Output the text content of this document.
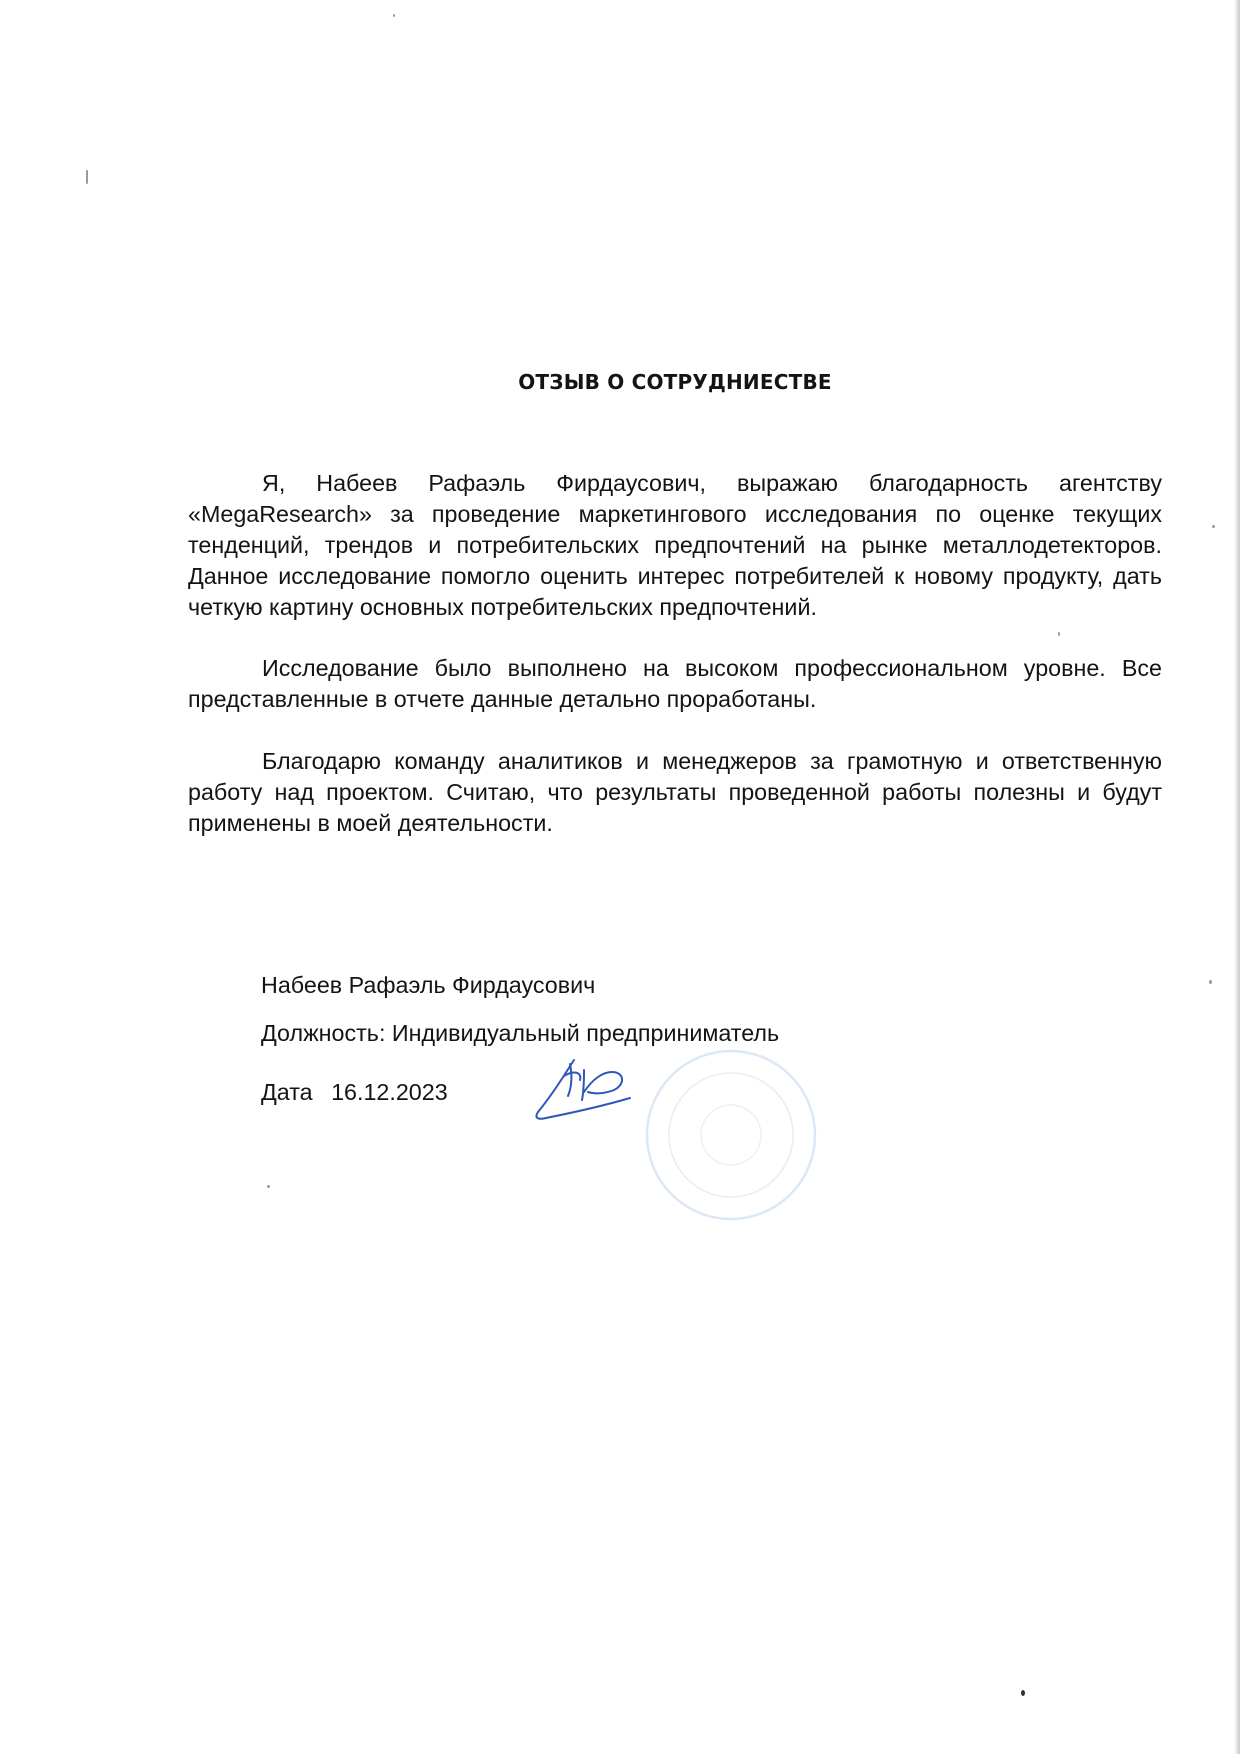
ОТЗЫВ О СОТРУДНИЕСТВЕ

Я, Набеев Рафаэль Фирдаусович, выражаю благодарность агентству «MegaResearch» за проведение маркетингового исследования по оценке текущих тенденций, трендов и потребительских предпочтений на рынке металлодетекторов. Данное исследование помогло оценить интерес потребителей к новому продукту, дать четкую картину основных потребительских предпочтений.

Исследование было выполнено на высоком профессиональном уровне. Все представленные в отчете данные детально проработаны.

Благодарю команду аналитиков и менеджеров за грамотную и ответственную работу над проектом. Считаю, что результаты проведенной работы полезны и будут применены в моей деятельности.

Набеев Рафаэль Фирдаусович
Должность: Индивидуальный предприниматель
Дата 16.12.2023
